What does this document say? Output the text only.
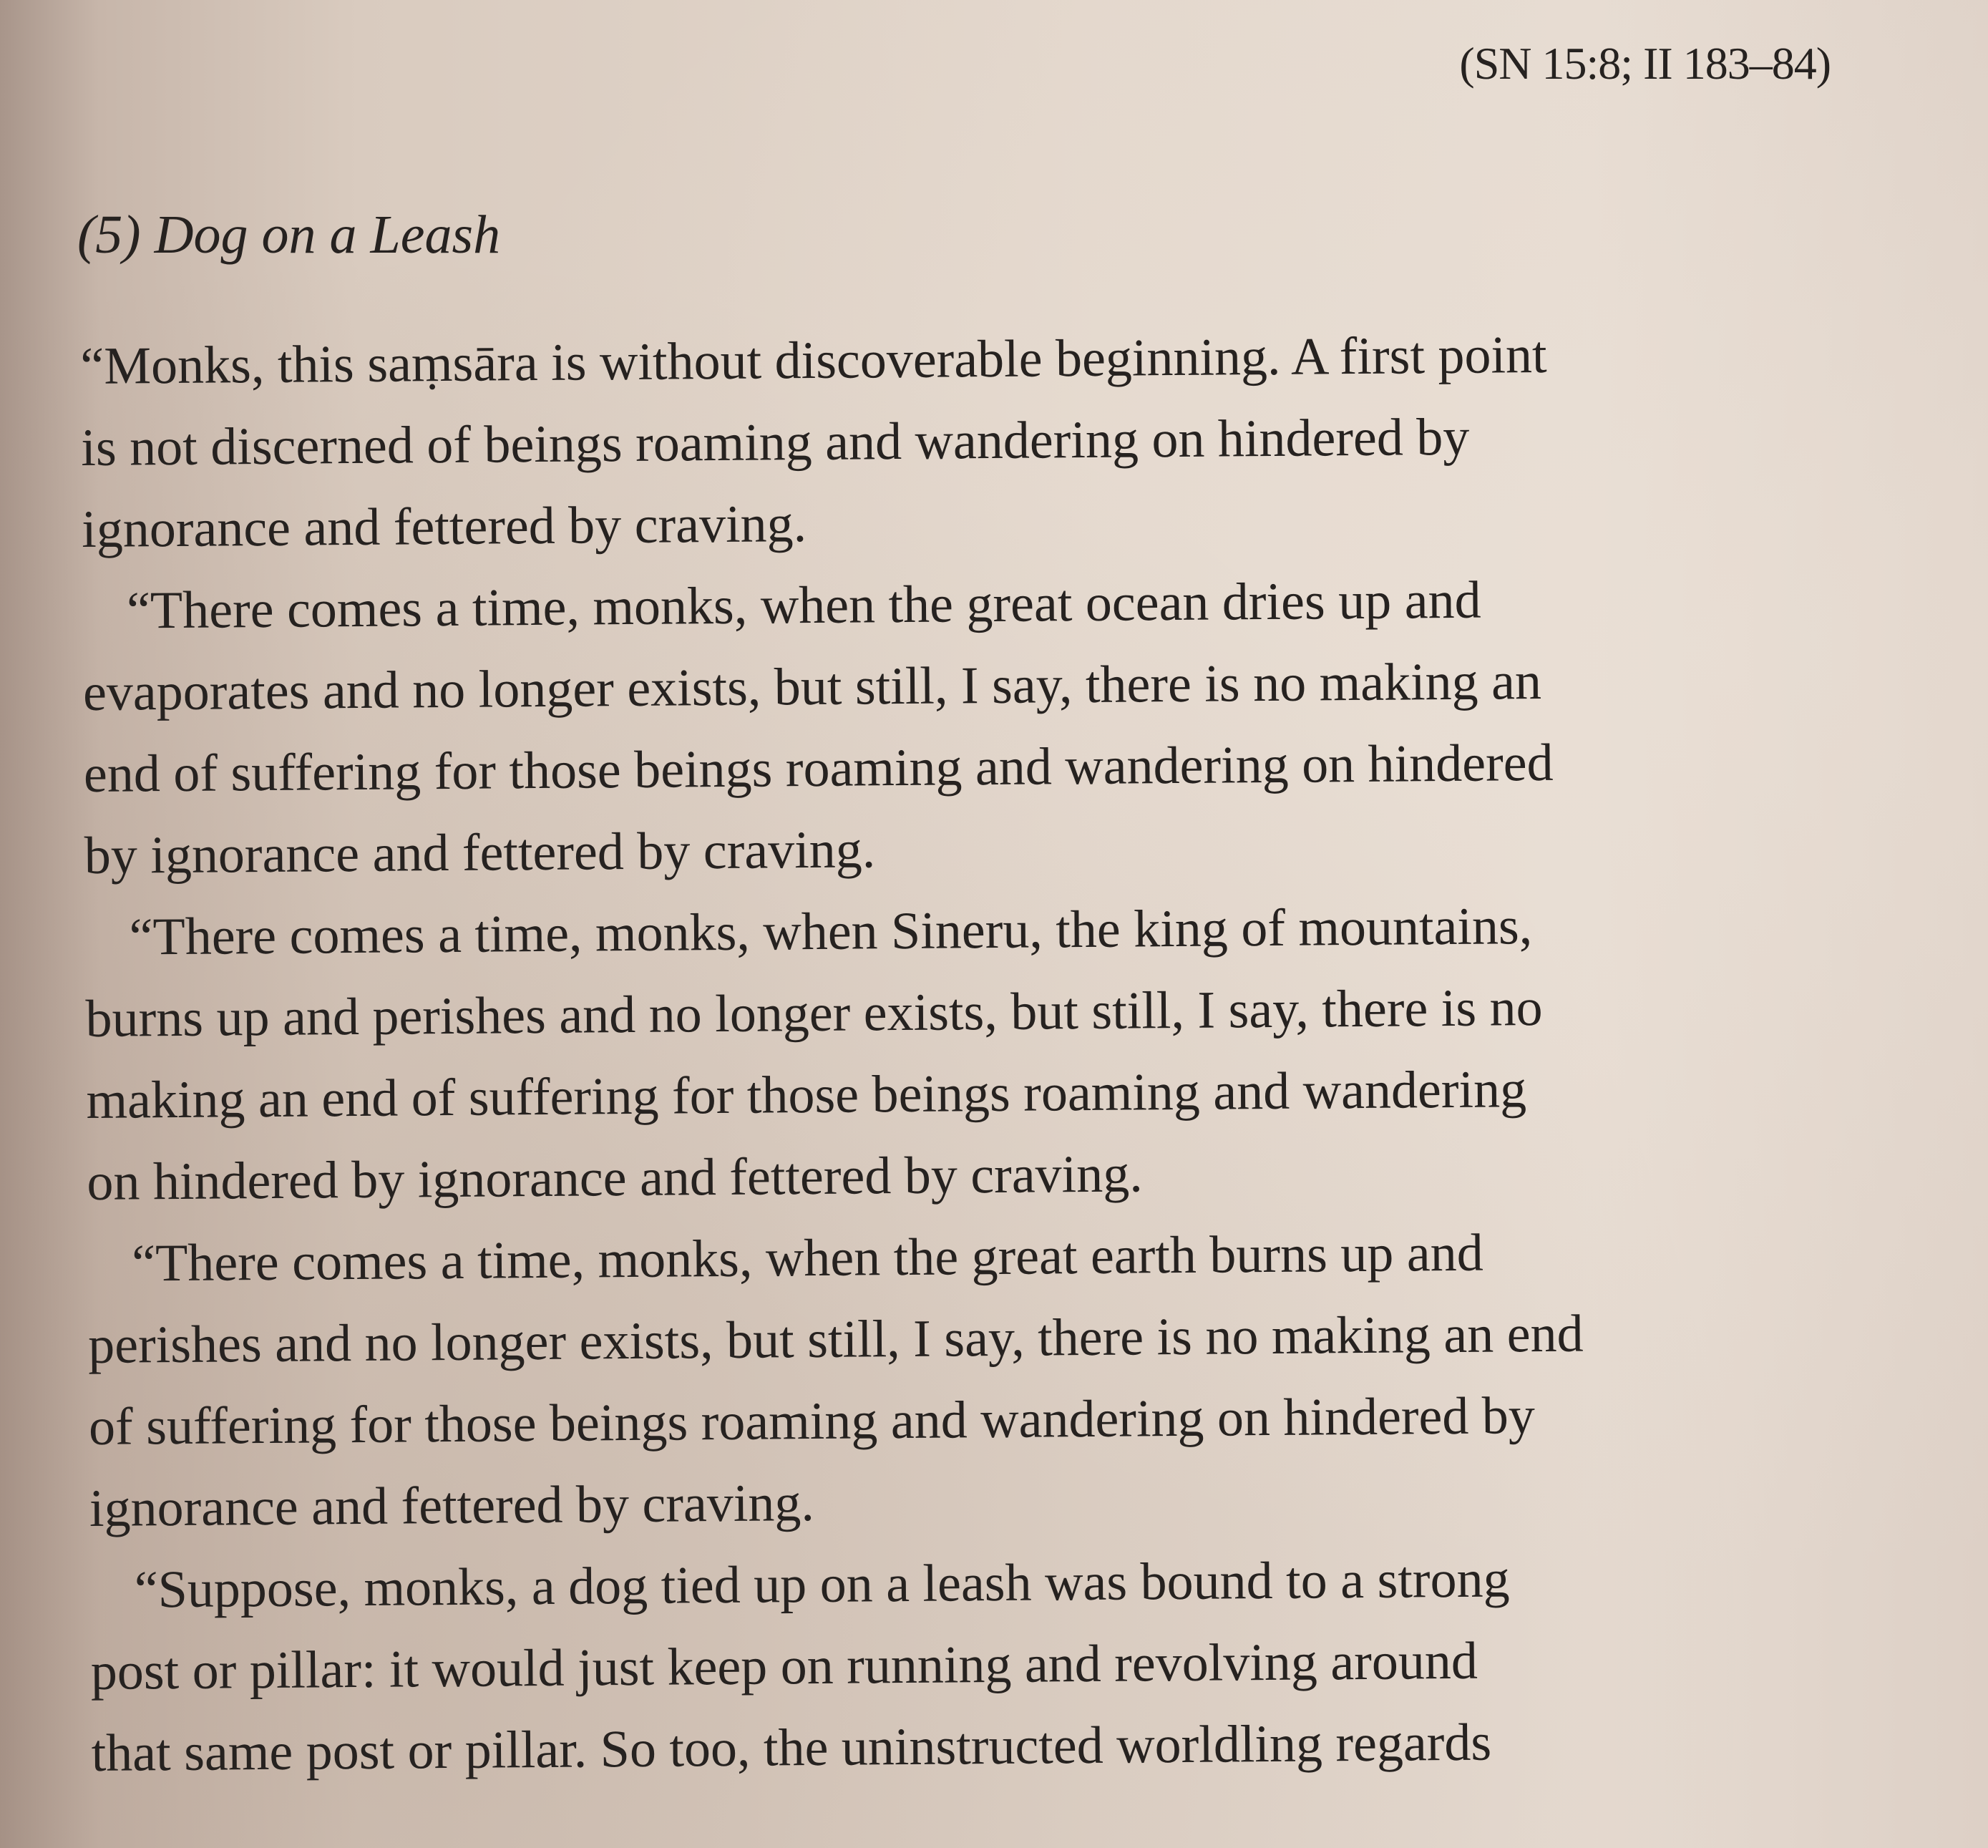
(SN 15:8; II 183–84)
(5) Dog on a Leash
“Monks, this saṃsāra is without discoverable beginning. A first point
is not discerned of beings roaming and wandering on hindered by
ignorance and fettered by craving.
“There comes a time, monks, when the great ocean dries up and
evaporates and no longer exists, but still, I say, there is no making an
end of suffering for those beings roaming and wandering on hindered
by ignorance and fettered by craving.
“There comes a time, monks, when Sineru, the king of mountains,
burns up and perishes and no longer exists, but still, I say, there is no
making an end of suffering for those beings roaming and wandering
on hindered by ignorance and fettered by craving.
“There comes a time, monks, when the great earth burns up and
perishes and no longer exists, but still, I say, there is no making an end
of suffering for those beings roaming and wandering on hindered by
ignorance and fettered by craving.
“Suppose, monks, a dog tied up on a leash was bound to a strong
post or pillar: it would just keep on running and revolving around
that same post or pillar. So too, the uninstructed worldling regards
